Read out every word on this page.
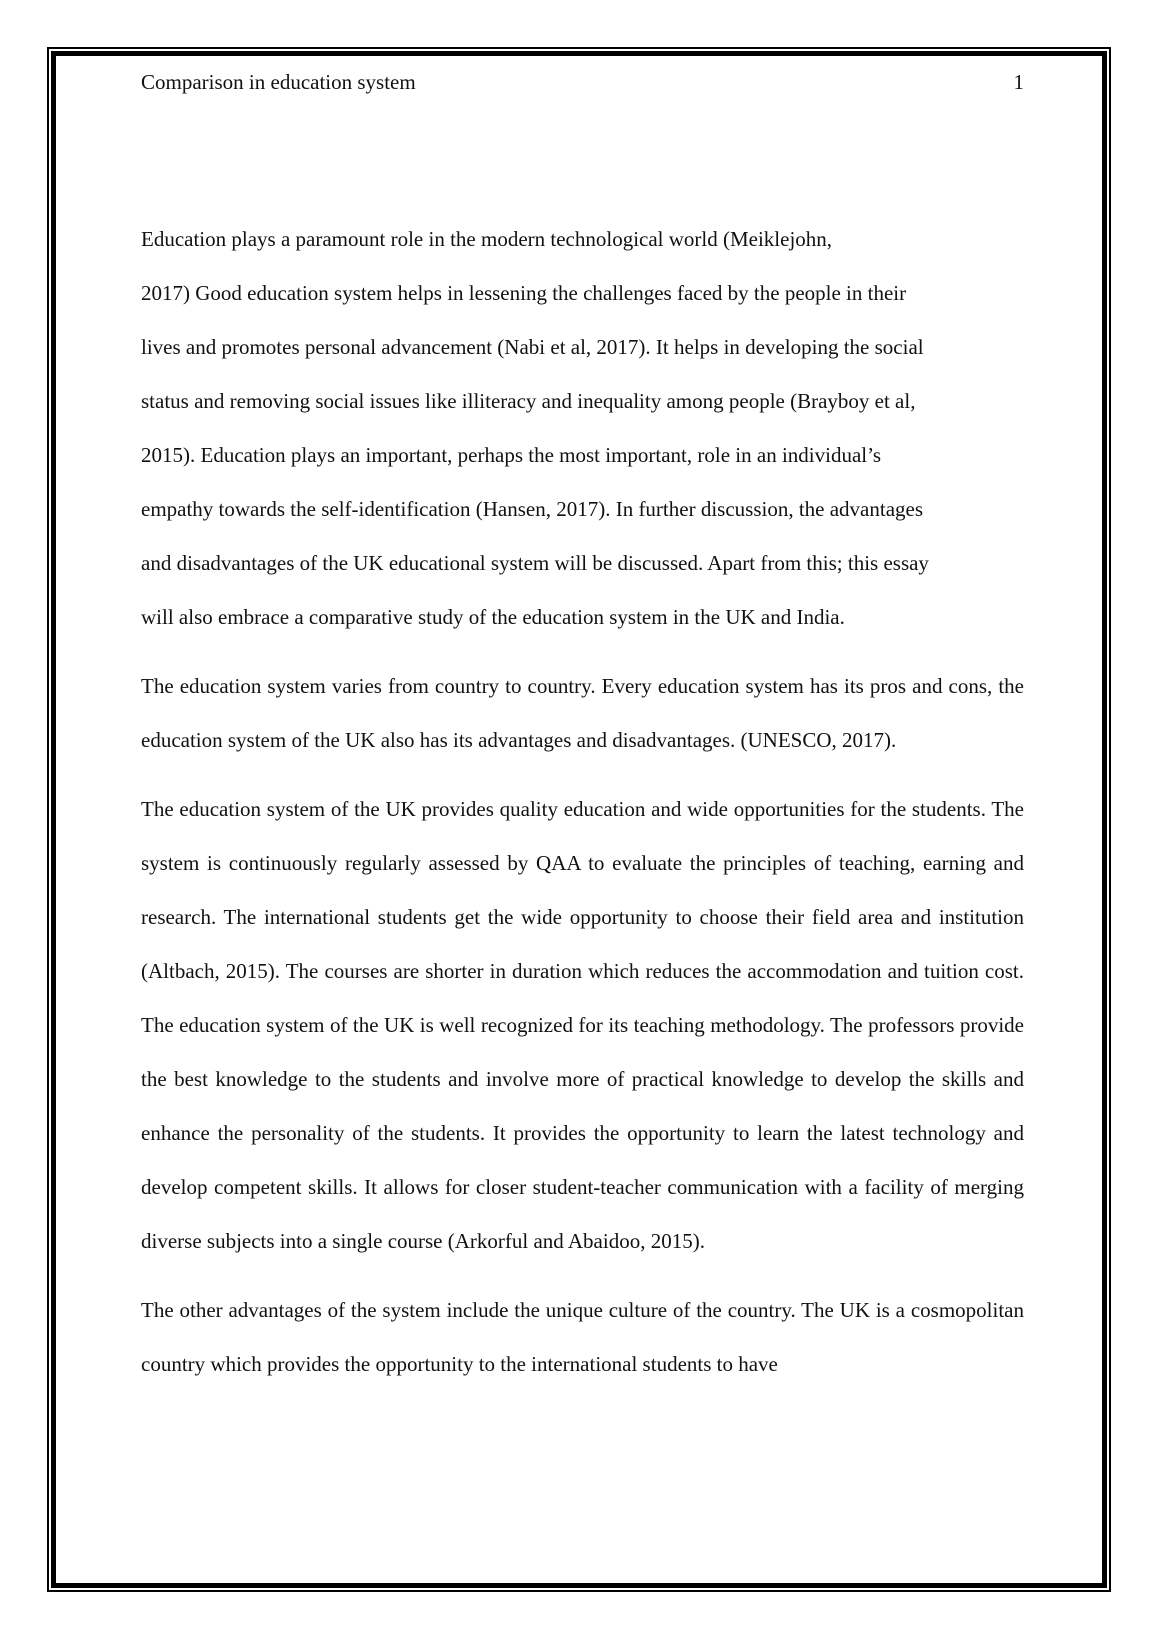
Comparison in education system	1

Education plays a paramount role in the modern technological world (Meiklejohn,
2017) Good education system helps in lessening the challenges faced by the people in their
lives and promotes personal advancement (Nabi et al, 2017). It helps in developing the social
status and removing social issues like illiteracy and inequality among people (Brayboy et al,
2015). Education plays an important, perhaps the most important, role in an individual’s
empathy towards the self-identification (Hansen, 2017). In further discussion, the advantages
and disadvantages of the UK educational system will be discussed. Apart from this; this essay
will also embrace a comparative study of the education system in the UK and India.

The education system varies from country to country. Every education system has its pros and cons, the education system of the UK also has its advantages and disadvantages. (UNESCO, 2017).

The education system of the UK provides quality education and wide opportunities for the students. The system is continuously regularly assessed by QAA to evaluate the principles of teaching, earning and research. The international students get the wide opportunity to choose their field area and institution (Altbach, 2015). The courses are shorter in duration which reduces the accommodation and tuition cost. The education system of the UK is well recognized for its teaching methodology. The professors provide the best knowledge to the students and involve more of practical knowledge to develop the skills and enhance the personality of the students. It provides the opportunity to learn the latest technology and develop competent skills. It allows for closer student-teacher communication with a facility of merging diverse subjects into a single course (Arkorful and Abaidoo, 2015).

The other advantages of the system include the unique culture of the country. The UK is a cosmopolitan country which provides the opportunity to the international students to have
